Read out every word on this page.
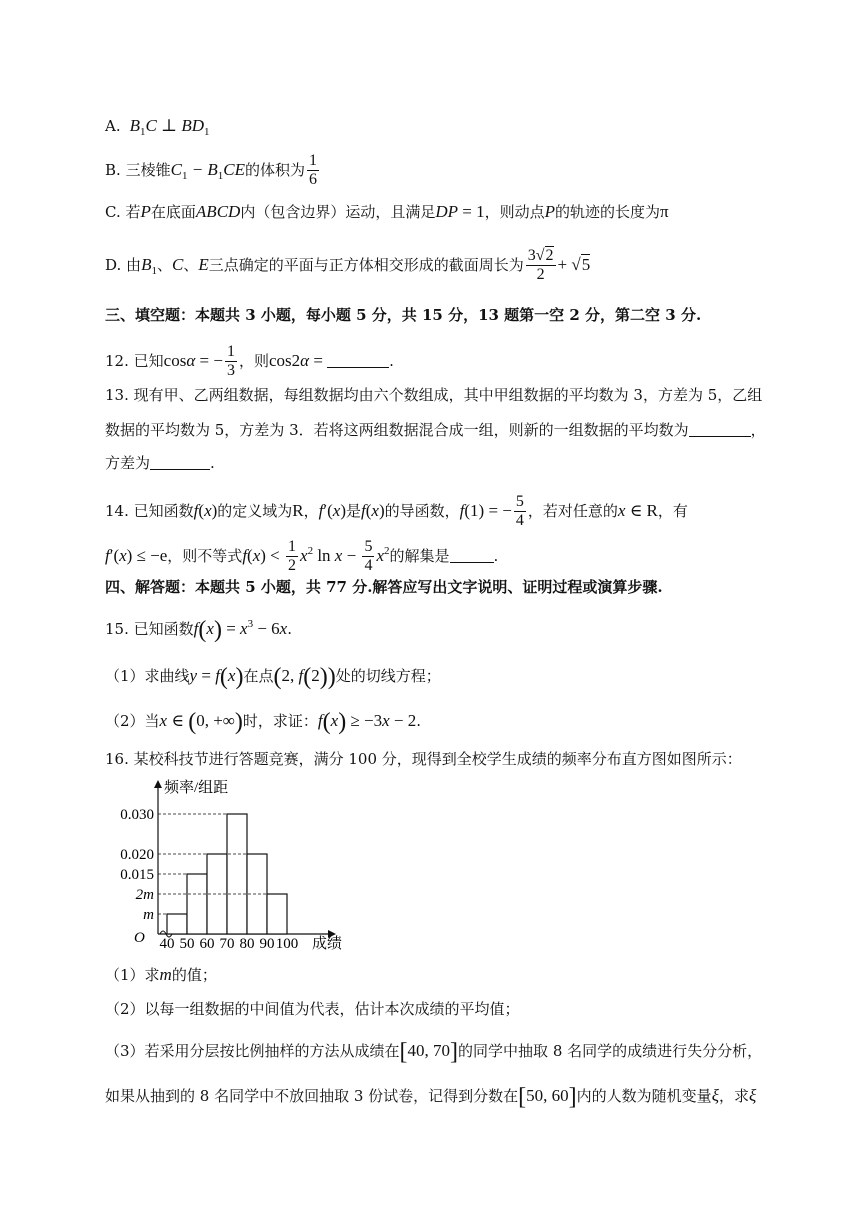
A.  $B_1C$ ⊥ $BD_1$
B. 三棱锥$C_1 - B_1CE$的体积为 $\frac{1}{6}$
C. 若P在底面ABCD内（包含边界）运动，且满足DP = 1，则动点P的轨迹的长度为π
D. 由$B_1$、C、E三点确定的平面与正方体相交形成的截面周长为 $\frac{3√2}{2} + √5$
三、填空题：本题共 3 小题，每小题 5 分，共 15 分，13 题第一空 2 分，第二空 3 分.
12. 已知cosα = − $\frac{1}{3}$ ，则cos2α =	.
13. 现有甲、乙两组数据，每组数据均由六个数组成，其中甲组数据的平均数为 3，方差为 5，乙组
数据的平均数为 5，方差为 3．若将这两组数据混合成一组，则新的一组数据的平均数为	，
方差为	.
14. 已知函数f(x)的定义域为R，f′(x)是f(x)的导函数，f(1) = − $\frac{5}{4}$ ，若对任意的x ∈ R，有
f′(x) ≤ −e，则不等式$f(x) < \frac{1}{2} x^2$ $\ln x - \frac{5}{4} x^2$的解集是	.
四、解答题：本题共 5 小题，共 77 分.解答应写出文字说明、证明过程或演算步骤.
15. 已知函数$f(x) = x^3 - 6x$.
（1）求曲线y = f(x)在点(2, f(2))处的切线方程；
（2）当x ∈ (0, +∞)时，求证：f(x) ≥ −3x − 2.
16. 某校科技节进行答题竞赛，满分 100 分，现得到全校学生成绩的频率分布直方图如图所示：
频率/组距
成绩
O
0.030
0.020
0.015
2m
m
40 50 60 70 80 90 100
（1）求m的值；
（2）以每一组数据的中间值为代表，估计本次成绩的平均值；
（3）若采用分层按比例抽样的方法从成绩在[40, 70]的同学中抽取 8 名同学的成绩进行失分分析，
如果从抽到的 8 名同学中不放回抽取 3 份试卷，记得到分数在[50, 60]内的人数为随机变量ξ，求ξ
